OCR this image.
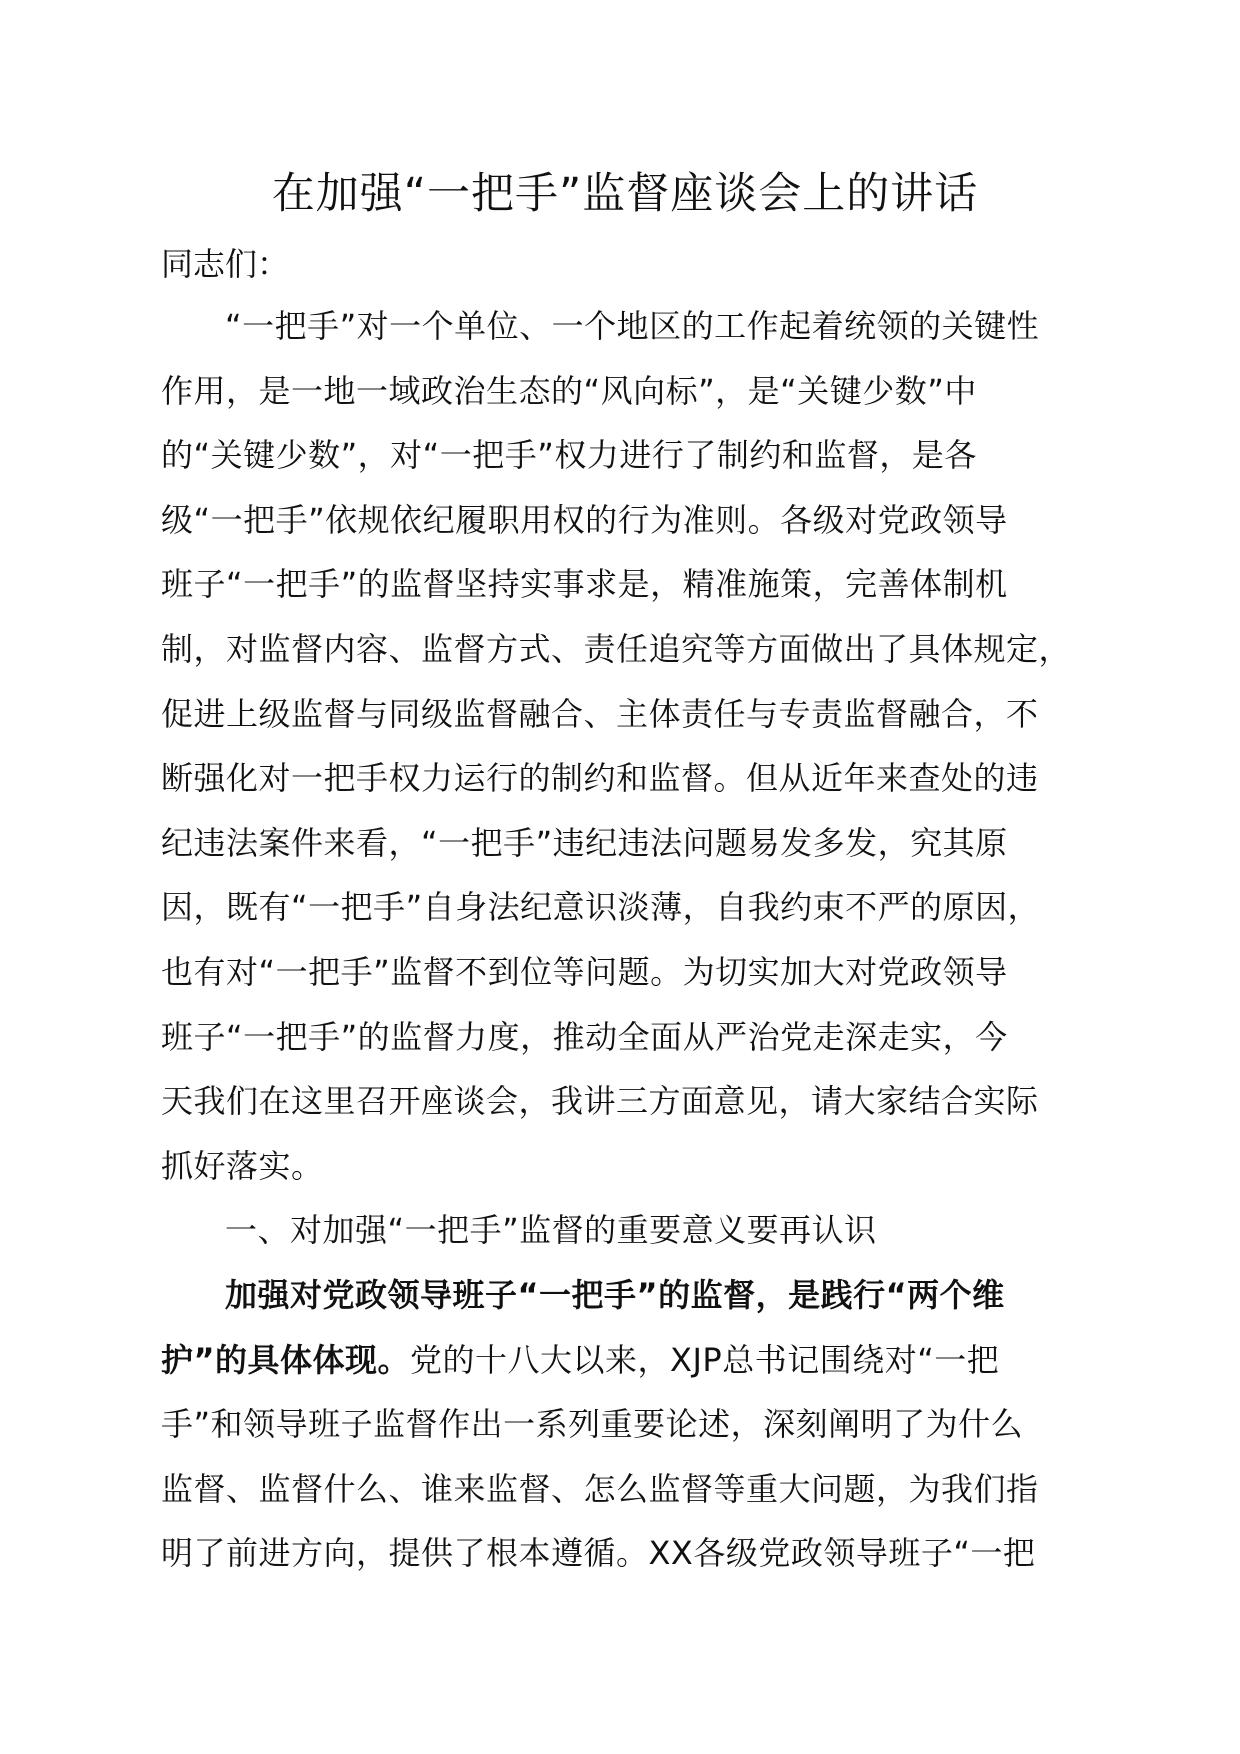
在加强“一把手”监督座谈会上的讲话

同志们：

“一把手”对一个单位、一个地区的工作起着统领的关键性
作用，是一地一域政治生态的“风向标”，是“关键少数”中
的“关键少数”，对“一把手”权力进行了制约和监督，是各
级“一把手”依规依纪履职用权的行为准则。各级对党政领导
班子“一把手”的监督坚持实事求是，精准施策，完善体制机
制，对监督内容、监督方式、责任追究等方面做出了具体规定，
促进上级监督与同级监督融合、主体责任与专责监督融合，不
断强化对一把手权力运行的制约和监督。但从近年来查处的违
纪违法案件来看，“一把手”违纪违法问题易发多发，究其原
因，既有“一把手”自身法纪意识淡薄，自我约束不严的原因，
也有对“一把手”监督不到位等问题。为切实加大对党政领导
班子“一把手”的监督力度，推动全面从严治党走深走实，今
天我们在这里召开座谈会，我讲三方面意见，请大家结合实际
抓好落实。
一、对加强“一把手”监督的重要意义要再认识
加强对党政领导班子“一把手”的监督，是践行“两个维
护”的具体体现。党的十八大以来，XJP总书记围绕对“一把
手”和领导班子监督作出一系列重要论述，深刻阐明了为什么
监督、监督什么、谁来监督、怎么监督等重大问题，为我们指
明了前进方向，提供了根本遵循。XX各级党政领导班子“一把
